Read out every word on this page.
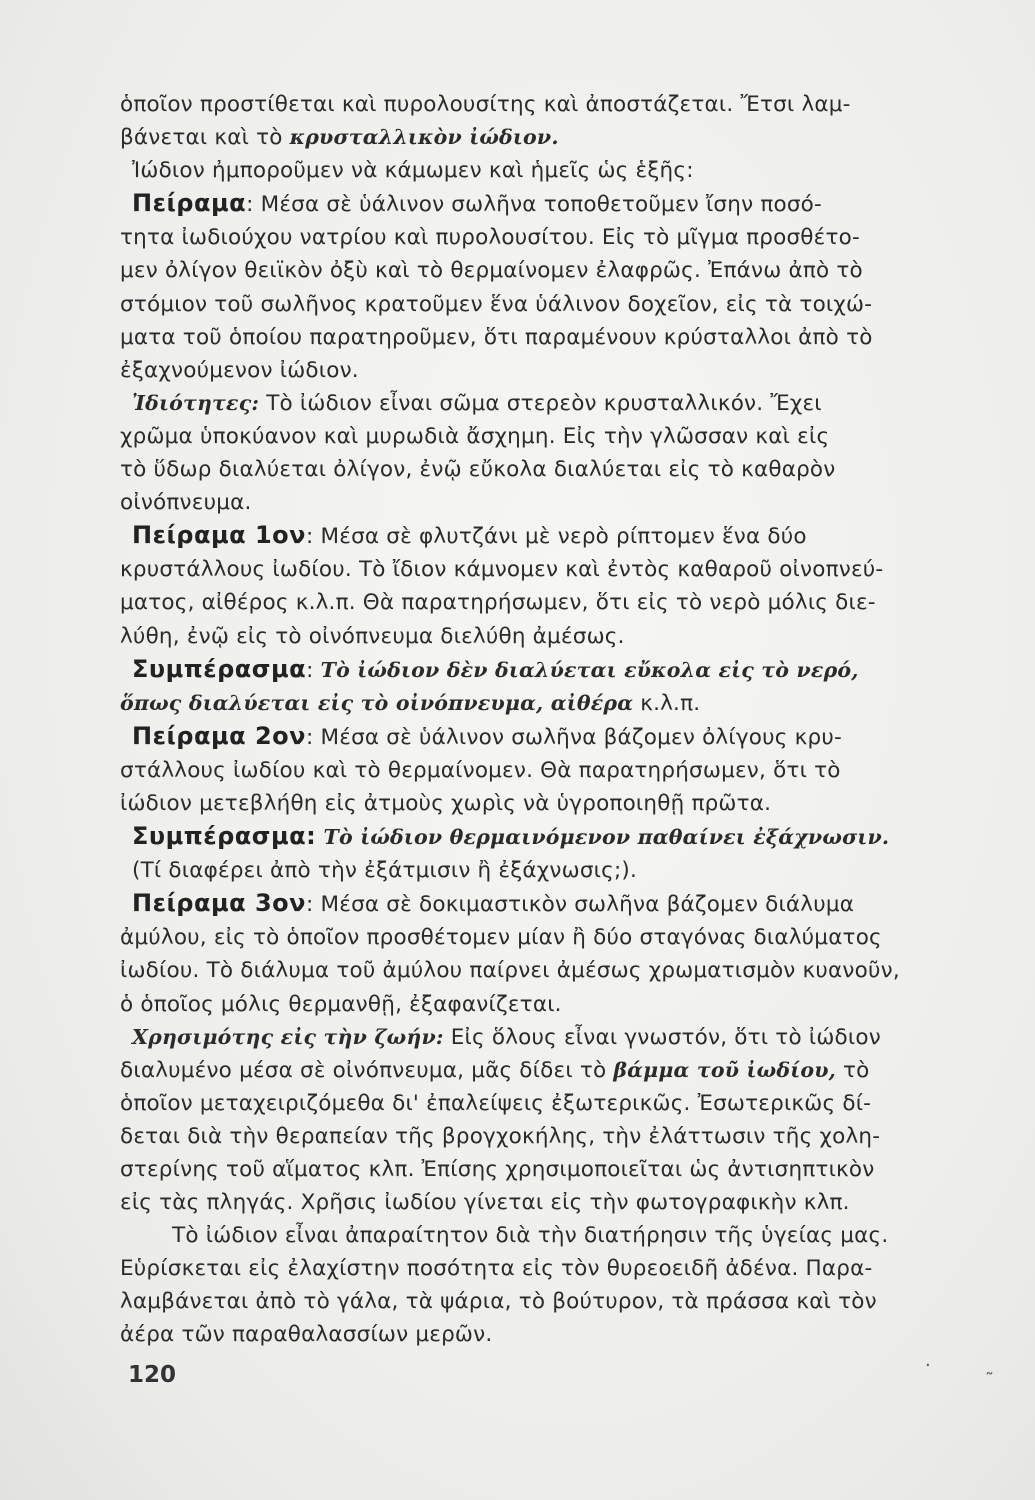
ὁποῖον προστίθεται καὶ πυρολουσίτης καὶ ἀποστάζεται. Ἔτσι λαμ-

βάνεται καὶ τὸ κρυσταλλικὸν ἰώδιον.

Ἰώδιον ἠμποροῦμεν νὰ κάμωμεν καὶ ἡμεῖς ὡς ἑξῆς:

Πείραμα: Μέσα σὲ ὑάλινον σωλῆνα τοποθετοῦμεν ἴσην ποσό-

τητα ἰωδιούχου νατρίου καὶ πυρολουσίτου. Εἰς τὸ μῖγμα προσθέτο-

μεν ὀλίγον θειϊκὸν ὀξὺ καὶ τὸ θερμαίνομεν ἐλαφρῶς. Ἐπάνω ἀπὸ τὸ

στόμιον τοῦ σωλῆνος κρατοῦμεν ἕνα ὑάλινον δοχεῖον, εἰς τὰ τοιχώ-

ματα τοῦ ὁποίου παρατηροῦμεν, ὅτι παραμένουν κρύσταλλοι ἀπὸ τὸ

ἐξαχνούμενον ἰώδιον.

Ἰδιότητες: Τὸ ἰώδιον εἶναι σῶμα στερεὸν κρυσταλλικόν. Ἔχει

χρῶμα ὑποκύανον καὶ μυρωδιὰ ἄσχημη. Εἰς τὴν γλῶσσαν καὶ εἰς

τὸ ὕδωρ διαλύεται ὀλίγον, ἐνῷ εὔκολα διαλύεται εἰς τὸ καθαρὸν

οἰνόπνευμα.

Πείραμα 1ον: Μέσα σὲ φλυτζάνι μὲ νερὸ ρίπτομεν ἕνα δύο

κρυστάλλους ἰωδίου. Τὸ ἴδιον κάμνομεν καὶ ἐντὸς καθαροῦ οἰνοπνεύ-

ματος, αἰθέρος κ.λ.π. Θὰ παρατηρήσωμεν, ὅτι εἰς τὸ νερὸ μόλις διε-

λύθη, ἐνῷ εἰς τὸ οἰνόπνευμα διελύθη ἀμέσως.

Συμπέρασμα: Τὸ ἰώδιον δὲν διαλύεται εὔκολα εἰς τὸ νερό,

ὅπως διαλύεται εἰς τὸ οἰνόπνευμα, αἰθέρα κ.λ.π.

Πείραμα 2ον: Μέσα σὲ ὑάλινον σωλῆνα βάζομεν ὀλίγους κρυ-

στάλλους ἰωδίου καὶ τὸ θερμαίνομεν. Θὰ παρατηρήσωμεν, ὅτι τὸ

ἰώδιον μετεβλήθη εἰς ἀτμοὺς χωρὶς νὰ ὑγροποιηθῇ πρῶτα.

Συμπέρασμα: Τὸ ἰώδιον θερμαινόμενον παθαίνει ἐξάχνωσιν.

(Τί διαφέρει ἀπὸ τὴν ἐξάτμισιν ἢ ἐξάχνωσις;).

Πείραμα 3ον: Μέσα σὲ δοκιμαστικὸν σωλῆνα βάζομεν διάλυμα

ἀμύλου, εἰς τὸ ὁποῖον προσθέτομεν μίαν ἢ δύο σταγόνας διαλύματος

ἰωδίου. Τὸ διάλυμα τοῦ ἀμύλου παίρνει ἀμέσως χρωματισμὸν κυανοῦν,

ὁ ὁποῖος μόλις θερμανθῇ, ἐξαφανίζεται.

Χρησιμότης εἰς τὴν ζωήν: Εἰς ὅλους εἶναι γνωστόν, ὅτι τὸ ἰώδιον

διαλυμένο μέσα σὲ οἰνόπνευμα, μᾶς δίδει τὸ βάμμα τοῦ ἰωδίου, τὸ

ὁποῖον μεταχειριζόμεθα δι' ἐπαλείψεις ἐξωτερικῶς. Ἐσωτερικῶς δί-

δεται διὰ τὴν θεραπείαν τῆς βρογχοκήλης, τὴν ἐλάττωσιν τῆς χολη-

στερίνης τοῦ αἵματος κλπ. Ἐπίσης χρησιμοποιεῖται ὡς ἀντισηπτικὸν

εἰς τὰς πληγάς. Χρῆσις ἰωδίου γίνεται εἰς τὴν φωτογραφικὴν κλπ.

Τὸ ἰώδιον εἶναι ἀπαραίτητον διὰ τὴν διατήρησιν τῆς ὑγείας μας.

Εὑρίσκεται εἰς ἐλαχίστην ποσότητα εἰς τὸν θυρεοειδῆ ἀδένα. Παρα-

λαμβάνεται ἀπὸ τὸ γάλα, τὰ ψάρια, τὸ βούτυρον, τὰ πράσσα καὶ τὸν

ἀέρα τῶν παραθαλασσίων μερῶν.

120	·
˜
